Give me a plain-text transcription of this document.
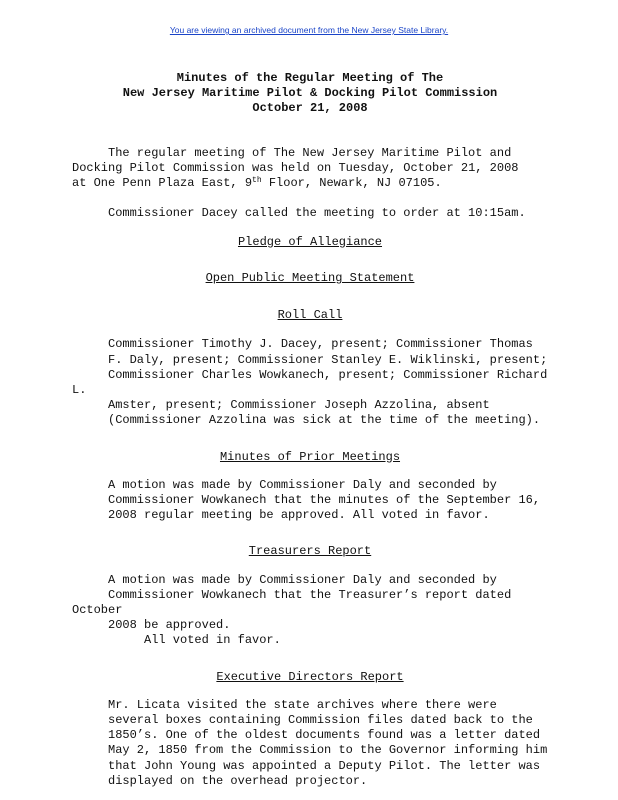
You are viewing an archived document from the New Jersey State Library.
Minutes of the Regular Meeting of The
New Jersey Maritime Pilot & Docking Pilot Commission
October 21, 2008

The regular meeting of The New Jersey Maritime Pilot and
Docking Pilot Commission was held on Tuesday, October 21, 2008
at One Penn Plaza East, 9th Floor, Newark, NJ 07105.

Commissioner Dacey called the meeting to order at 10:15am.

Pledge of Allegiance
Open Public Meeting Statement
Roll Call

Commissioner Timothy J. Dacey, present; Commissioner Thomas
F. Daly, present; Commissioner Stanley E. Wiklinski, present;
Commissioner Charles Wowkanech, present; Commissioner Richard L.
Amster, present; Commissioner Joseph Azzolina, absent
(Commissioner Azzolina was sick at the time of the meeting).

Minutes of Prior Meetings

A motion was made by Commissioner Daly and seconded by
Commissioner Wowkanech that the minutes of the September 16,
2008 regular meeting be approved. All voted in favor.

Treasurers Report

A motion was made by Commissioner Daly and seconded by
Commissioner Wowkanech that the Treasurer’s report dated October
2008 be approved.
All voted in favor.

Executive Directors Report

Mr. Licata visited the state archives where there were
several boxes containing Commission files dated back to the
1850’s. One of the oldest documents found was a letter dated
May 2, 1850 from the Commission to the Governor informing him
that John Young was appointed a Deputy Pilot. The letter was
displayed on the overhead projector.
